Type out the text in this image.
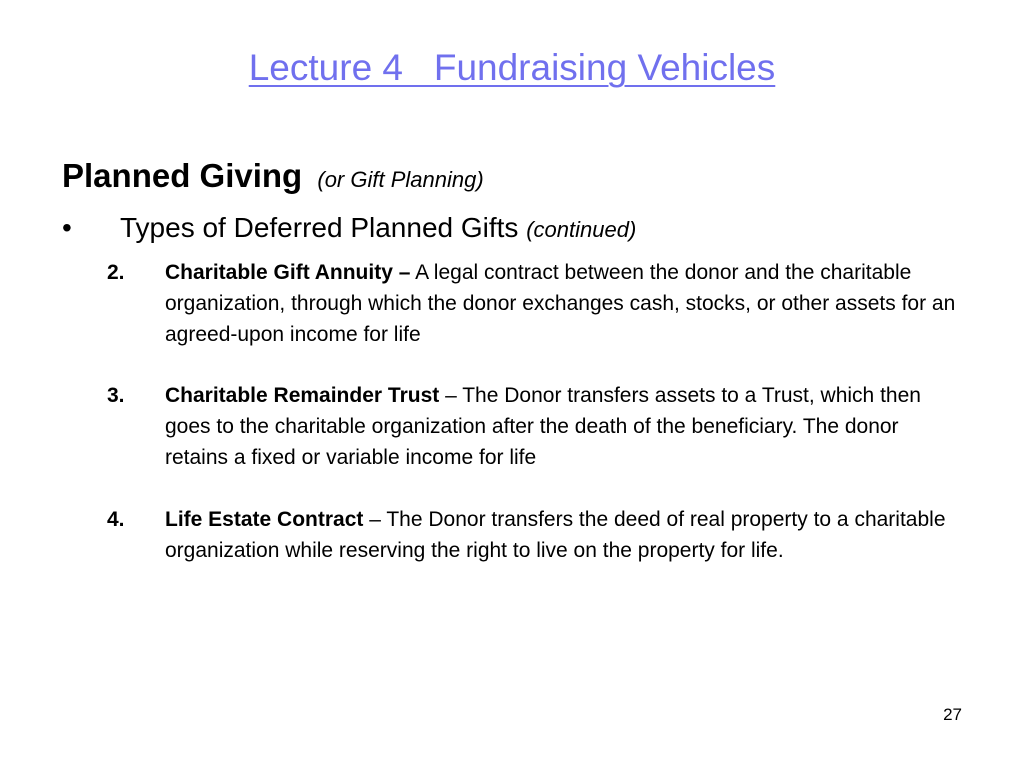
Lecture 4   Fundraising Vehicles
Planned Giving (or Gift Planning)
• Types of Deferred Planned Gifts (continued)
2.	Charitable Gift Annuity – A legal contract between the donor and the charitable organization, through which the donor exchanges cash, stocks, or other assets for an agreed-upon income for life
3.	Charitable Remainder Trust – The Donor transfers assets to a Trust, which then goes to the charitable organization after the death of the beneficiary. The donor retains a fixed or variable income for life
4.	Life Estate Contract – The Donor transfers the deed of real property to a charitable organization while reserving the right to live on the property for life.
27
